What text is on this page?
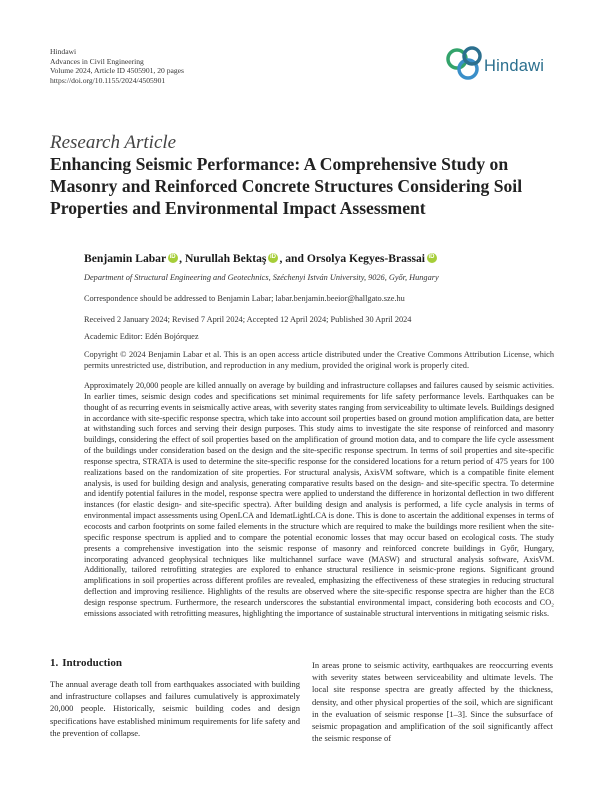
Hindawi
Advances in Civil Engineering
Volume 2024, Article ID 4505901, 20 pages
https://doi.org/10.1155/2024/4505901
Hindawi
Research Article
Enhancing Seismic Performance: A Comprehensive Study on Masonry and Reinforced Concrete Structures Considering Soil Properties and Environmental Impact Assessment
Benjamin Labar iD , Nurullah Bektaş iD , and Orsolya Kegyes-BrassaiiD
Department of Structural Engineering and Geotechnics, Széchenyi István University, 9026, Győr, Hungary
Correspondence should be addressed to Benjamin Labar; labar.benjamin.beeior@hallgato.sze.hu
Received 2 January 2024; Revised 7 April 2024; Accepted 12 April 2024; Published 30 April 2024
Academic Editor: Edén Bojórquez
Copyright © 2024 Benjamin Labar et al. This is an open access article distributed under the Creative Commons Attribution License, which permits unrestricted use, distribution, and reproduction in any medium, provided the original work is properly cited.
Approximately 20,000 people are killed annually on average by building and infrastructure collapses and failures caused by seismic activities. In earlier times, seismic design codes and specifications set minimal requirements for life safety performance levels. Earthquakes can be thought of as recurring events in seismically active areas, with severity states ranging from serviceability to ultimate levels. Buildings designed in accordance with site-specific response spectra, which take into account soil properties based on ground motion amplification data, are better at withstanding such forces and serving their design purposes. This study aims to investigate the site response of reinforced and masonry buildings, considering the effect of soil properties based on the amplification of ground motion data, and to compare the life cycle assessment of the buildings under consideration based on the design and the site-specific response spectrum. In terms of soil properties and site-specific response spectra, STRATA is used to determine the site-specific response for the considered locations for a return period of 475 years for 100 realizations based on the randomization of site properties. For structural analysis, AxisVM software, which is a compatible finite element analysis, is used for building design and analysis, generating comparative results based on the design- and site-specific spectra. To determine and identify potential failures in the model, response spectra were applied to understand the difference in horizontal deflection in two different instances (for elastic design- and site-specific spectra). After building design and analysis is performed, a life cycle analysis in terms of environmental impact assessments using OpenLCA and IdematLightLCA is done. This is done to ascertain the additional expenses in terms of ecocosts and carbon footprints on some failed elements in the structure which are required to make the buildings more resilient when the site-specific response spectrum is applied and to compare the potential economic losses that may occur based on ecological costs. The study presents a comprehensive investigation into the seismic response of masonry and reinforced concrete buildings in Győr, Hungary, incorporating advanced geophysical techniques like multichannel surface wave (MASW) and structural analysis software, AxisVM. Additionally, tailored retrofitting strategies are explored to enhance structural resilience in seismic-prone regions. Significant ground amplifications in soil properties across different profiles are revealed, emphasizing the effectiveness of these strategies in reducing structural deflection and improving resilience. Highlights of the results are observed where the site-specific response spectra are higher than the EC8 design response spectrum. Furthermore, the research underscores the substantial environmental impact, considering both ecocosts and CO₂ emissions associated with retrofitting measures, highlighting the importance of sustainable structural interventions in mitigating seismic risks.
1. Introduction

The annual average death toll from earthquakes associated with building and infrastructure collapses and failures cumulatively is approximately 20,000 people. Historically, seismic building codes and design specifications have established minimum requirements for life safety and the prevention of collapse.

In areas prone to seismic activity, earthquakes are reoccurring events with severity states between serviceability and ultimate levels. The local site response spectra are greatly affected by the thickness, density, and other physical properties of the soil, which are significant in the evaluation of seismic response [1–3]. Since the subsurface of seismic propagation and amplification of the soil significantly affect the seismic response of
